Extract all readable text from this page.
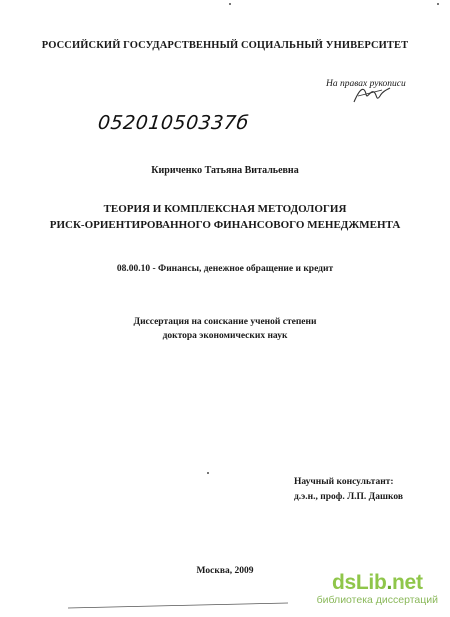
РОССИЙСКИЙ ГОСУДАРСТВЕННЫЙ СОЦИАЛЬНЫЙ УНИВЕРСИТЕТ
На правах рукописи
05201050337б
Кириченко Татьяна Витальевна
ТЕОРИЯ И КОМПЛЕКСНАЯ МЕТОДОЛОГИЯ
РИСК-ОРИЕНТИРОВАННОГО ФИНАНСОВОГО МЕНЕДЖМЕНТА
08.00.10 - Финансы, денежное обращение и кредит
Диссертация на соискание ученой степени
доктора экономических наук
Научный консультант:
д.э.н., проф. Л.П. Дашков
Москва, 2009	dsLib.net
библиотека диссертаций
